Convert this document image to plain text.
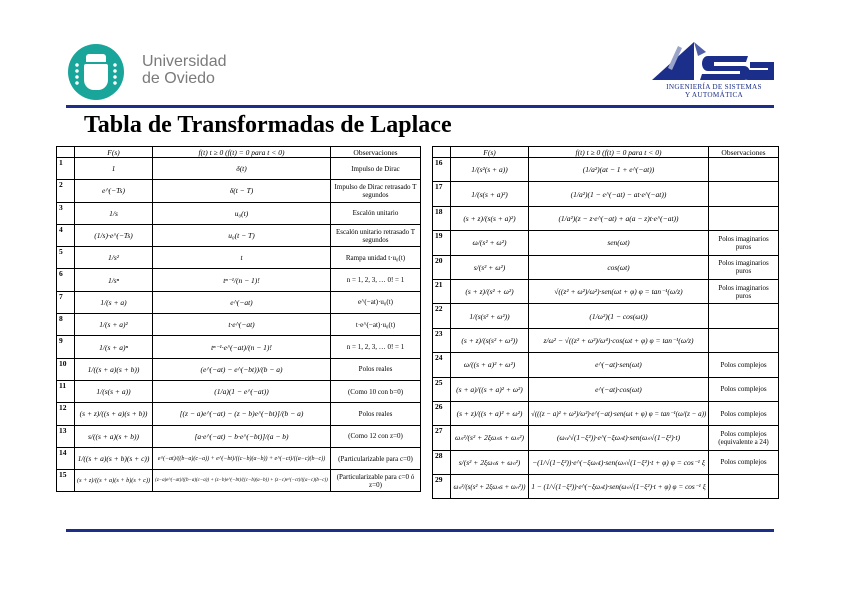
Universidad
de Oviedo	INGENIERÍA DE SISTEMAS
Y AUTOMÁTICA
Tabla de Transformadas de Laplace
	F(s)	f(t) t ≥ 0 (f(t) = 0 para t < 0)	Observaciones
1	1	δ(t)	Impulso de Dirac
2	e^(−Ts)	δ(t − T)	Impulso de Dirac retrasado T segundos
3	1/s	u₀(t)	Escalón unitario
4	(1/s)·e^(−Ts)	u₀(t − T)	Escalón unitario retrasado T segundos
5	1/s²	t	Rampa unidad t·u₀(t)
6	1/sⁿ	tⁿ⁻¹/(n − 1)!	n = 1, 2, 3, … 0! = 1
7	1/(s + a)	e^(−at)	e^(−at)·u₀(t)
8	1/(s + a)²	t·e^(−at)	t·e^(−at)·u₀(t)
9	1/(s + a)ⁿ	tⁿ⁻¹·e^(−at)/(n − 1)!	n = 1, 2, 3, … 0! = 1
10	1/((s + a)(s + b))	(e^(−at) − e^(−bt))/(b − a)	Polos reales
11	1/(s(s + a))	(1/a)(1 − e^(−at))	(Como 10 con b=0)
12	(s + z)/((s + a)(s + b))	[(z − a)e^(−at) − (z − b)e^(−bt)]/(b − a)	Polos reales
13	s/((s + a)(s + b))	[a·e^(−at) − b·e^(−bt)]/(a − b)	(Como 12 con z=0)
14	1/((s + a)(s + b)(s + c))	e^(−at)/((b−a)(c−a)) + e^(−bt)/((c−b)(a−b)) + e^(−ct)/((a−c)(b−c))	(Particularizable para c=0)
15	(s + z)/((s + a)(s + b)(s + c))	(z−a)e^(−at)/((b−a)(c−a)) + (z−b)e^(−bt)/((c−b)(a−b)) + (z−c)e^(−ct)/((a−c)(b−c))	(Particularizable para c=0 ó z=0)
	F(s)	f(t) t ≥ 0 (f(t) = 0 para t < 0)	Observaciones
16	1/(s²(s + a))	(1/a²)(at − 1 + e^(−at))	
17	1/(s(s + a)²)	(1/a²)(1 − e^(−at) − at·e^(−at))	
18	(s + z)/(s(s + a)²)	(1/a²)(z − z·e^(−at) + a(a − z)t·e^(−at))	
19	ω/(s² + ω²)	sen(ωt)	Polos imaginarios puros
20	s/(s² + ω²)	cos(ωt)	Polos imaginarios puros
21	(s + z)/(s² + ω²)	√((z² + ω²)/ω²)·sen(ωt + φ) φ = tan⁻¹(ω/z)	Polos imaginarios puros
22	1/(s(s² + ω²))	(1/ω²)(1 − cos(ωt))	
23	(s + z)/(s(s² + ω²))	z/ω² − √((z² + ω²)/ω⁴)·cos(ωt + φ) φ = tan⁻¹(ω/z)	
24	ω/((s + a)² + ω²)	e^(−at)·sen(ωt)	Polos complejos
25	(s + a)/((s + a)² + ω²)	e^(−at)·cos(ωt)	Polos complejos
26	(s + z)/((s + a)² + ω²)	√(((z − a)² + ω²)/ω²)·e^(−at)·sen(ωt + φ) φ = tan⁻¹(ω/(z − a))	Polos complejos
27	ωₙ²/(s² + 2ξωₙs + ωₙ²)	(ωₙ/√(1−ξ²))·e^(−ξωₙt)·sen(ωₙ√(1−ξ²)·t)	Polos complejos (equivalente a 24)
28	s/(s² + 2ξωₙs + ωₙ²)	−(1/√(1−ξ²))·e^(−ξωₙt)·sen(ωₙ√(1−ξ²)·t + φ) φ = cos⁻¹ ξ	Polos complejos
29	ωₙ²/(s(s² + 2ξωₙs + ωₙ²))	1 − (1/√(1−ξ²))·e^(−ξωₙt)·sen(ωₙ√(1−ξ²)·t + φ) φ = cos⁻¹ ξ	
